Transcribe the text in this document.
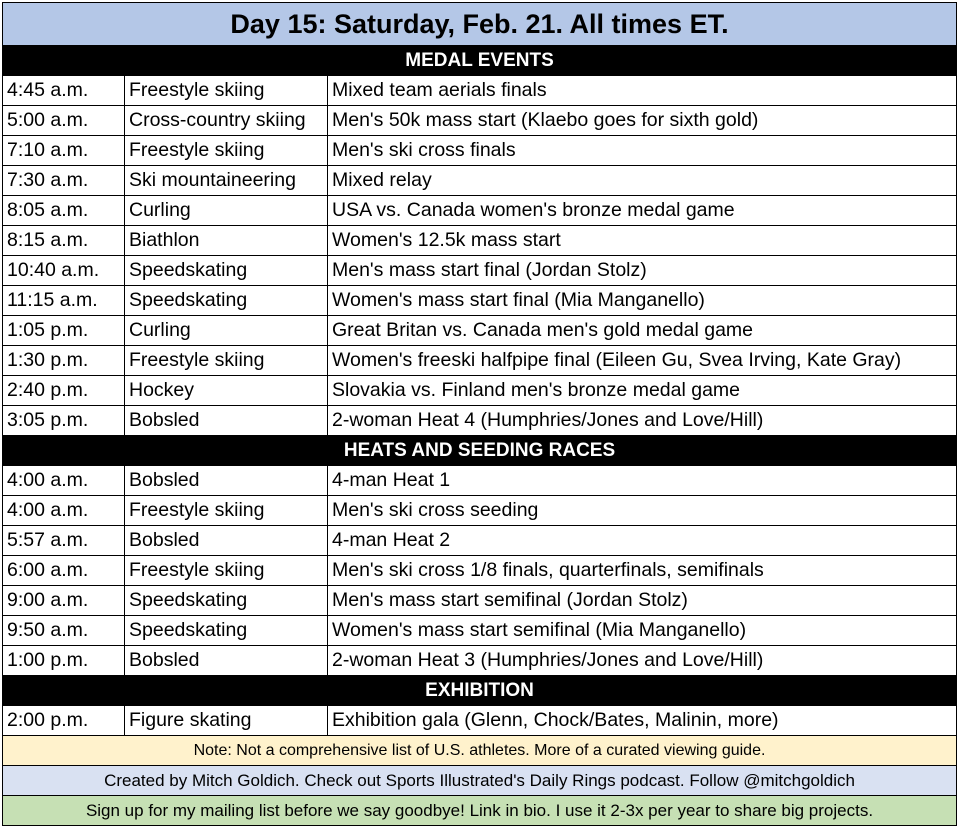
Day 15: Saturday, Feb. 21. All times ET.		
MEDAL EVENTS		
4:45 a.m.	Freestyle skiing	Mixed team aerials finals
5:00 a.m.	Cross-country skiing	Men's 50k mass start (Klaebo goes for sixth gold)
7:10 a.m.	Freestyle skiing	Men's ski cross finals
7:30 a.m.	Ski mountaineering	Mixed relay
8:05 a.m.	Curling	USA vs. Canada women's bronze medal game
8:15 a.m.	Biathlon	Women's 12.5k mass start
10:40 a.m.	Speedskating	Men's mass start final (Jordan Stolz)
11:15 a.m.	Speedskating	Women's mass start final (Mia Manganello)
1:05 p.m.	Curling	Great Britan vs. Canada men's gold medal game
1:30 p.m.	Freestyle skiing	Women's freeski halfpipe final (Eileen Gu, Svea Irving, Kate Gray)
2:40 p.m.	Hockey	Slovakia vs. Finland men's bronze medal game
3:05 p.m.	Bobsled	2-woman Heat 4 (Humphries/Jones and Love/Hill)
HEATS AND SEEDING RACES		
4:00 a.m.	Bobsled	4-man Heat 1
4:00 a.m.	Freestyle skiing	Men's ski cross seeding
5:57 a.m.	Bobsled	4-man Heat 2
6:00 a.m.	Freestyle skiing	Men's ski cross 1/8 finals, quarterfinals, semifinals
9:00 a.m.	Speedskating	Men's mass start semifinal (Jordan Stolz)
9:50 a.m.	Speedskating	Women's mass start semifinal (Mia Manganello)
1:00 p.m.	Bobsled	2-woman Heat 3 (Humphries/Jones and Love/Hill)
EXHIBITION		
2:00 p.m.	Figure skating	Exhibition gala (Glenn, Chock/Bates, Malinin, more)
Note: Not a comprehensive list of U.S. athletes. More of a curated viewing guide.		
Created by Mitch Goldich. Check out Sports Illustrated's Daily Rings podcast. Follow @mitchgoldich		
Sign up for my mailing list before we say goodbye! Link in bio. I use it 2-3x per year to share big projects.		
